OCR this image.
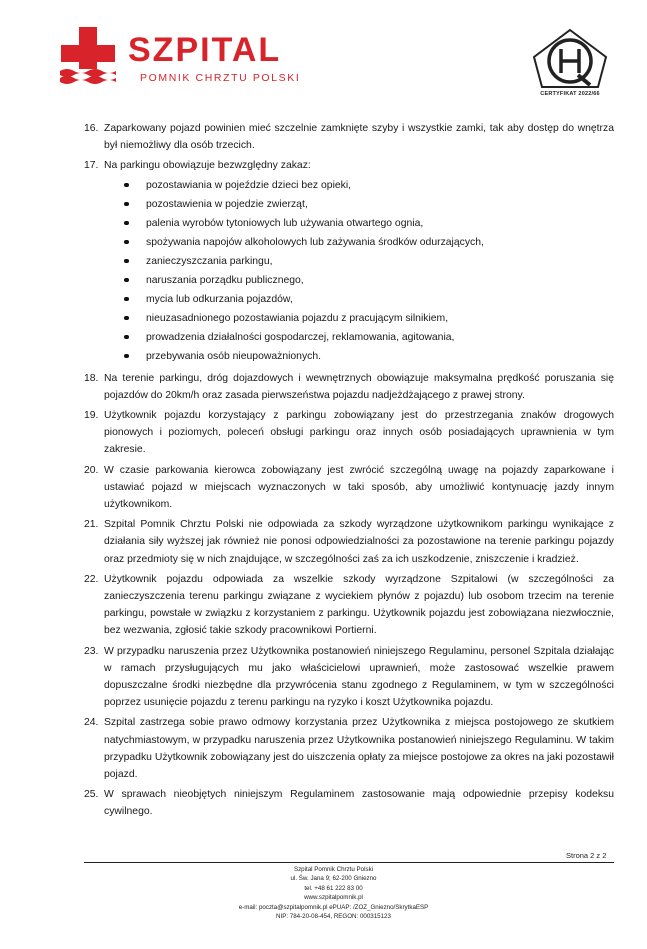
SZPITAL
POMNIK CHRZTU POLSKI
CERTYFIKAT 2022/66
16. Zaparkowany pojazd powinien mieć szczelnie zamknięte szyby i wszystkie zamki, tak aby dostęp do wnętrza był niemożliwy dla osób trzecich.
17. Na parkingu obowiązuje bezwzględny zakaz:
pozostawiania w pojeździe dzieci bez opieki,
pozostawienia w pojedzie zwierząt,
palenia wyrobów tytoniowych lub używania otwartego ognia,
spożywania napojów alkoholowych lub zażywania środków odurzających,
zanieczyszczania parkingu,
naruszania porządku publicznego,
mycia lub odkurzania pojazdów,
nieuzasadnionego pozostawiania pojazdu z pracującym silnikiem,
prowadzenia działalności gospodarczej, reklamowania, agitowania,
przebywania osób nieupoważnionych.
18. Na terenie parkingu, dróg dojazdowych i wewnętrznych obowiązuje maksymalna prędkość poruszania się pojazdów do 20km/h oraz zasada pierwszeństwa pojazdu nadjeżdżającego z prawej strony.
19. Użytkownik pojazdu korzystający z parkingu zobowiązany jest do przestrzegania znaków drogowych pionowych i poziomych, poleceń obsługi parkingu oraz innych osób posiadających uprawnienia w tym zakresie.
20. W czasie parkowania kierowca zobowiązany jest zwrócić szczególną uwagę na pojazdy zaparkowane i ustawiać pojazd w miejscach wyznaczonych w taki sposób, aby umożliwić kontynuację jazdy innym użytkownikom.
21. Szpital Pomnik Chrztu Polski nie odpowiada za szkody wyrządzone użytkownikom parkingu wynikające z działania siły wyższej jak również nie ponosi odpowiedzialności za pozostawione na terenie parkingu pojazdy oraz przedmioty się w nich znajdujące, w szczególności zaś za ich uszkodzenie, zniszczenie i kradzież.
22. Użytkownik pojazdu odpowiada za wszelkie szkody wyrządzone Szpitalowi (w szczególności za zanieczyszczenia terenu parkingu związane z wyciekiem płynów z pojazdu) lub osobom trzecim na terenie parkingu, powstałe w związku z korzystaniem z parkingu. Użytkownik pojazdu jest zobowiązana niezwłocznie, bez wezwania, zgłosić takie szkody pracownikowi Portierni.
23. W przypadku naruszenia przez Użytkownika postanowień niniejszego Regulaminu, personel Szpitala działając w ramach przysługujących mu jako właścicielowi uprawnień, może zastosować wszelkie prawem dopuszczalne środki niezbędne dla przywrócenia stanu zgodnego z Regulaminem, w tym w szczególności poprzez usunięcie pojazdu z terenu parkingu na ryzyko i koszt Użytkownika pojazdu.
24. Szpital zastrzega sobie prawo odmowy korzystania przez Użytkownika z miejsca postojowego ze skutkiem natychmiastowym, w przypadku naruszenia przez Użytkownika postanowień niniejszego Regulaminu. W takim przypadku Użytkownik zobowiązany jest do uiszczenia opłaty za miejsce postojowe za okres na jaki pozostawił pojazd.
25. W sprawach nieobjętych niniejszym Regulaminem zastosowanie mają odpowiednie przepisy kodeksu cywilnego.
Strona 2 z 2
Szpital Pomnik Chrztu Polski
ul. Św. Jana 9; 62-200 Gniezno
tel. +48 61 222 83 00
www.szpitalpomnik.pl
e-mail: poczta@szpitalpomnik.pl ePUAP: /ZOZ_Gniezno/SkrytkaESP
NIP: 784-20-08-454, REGON: 000315123
